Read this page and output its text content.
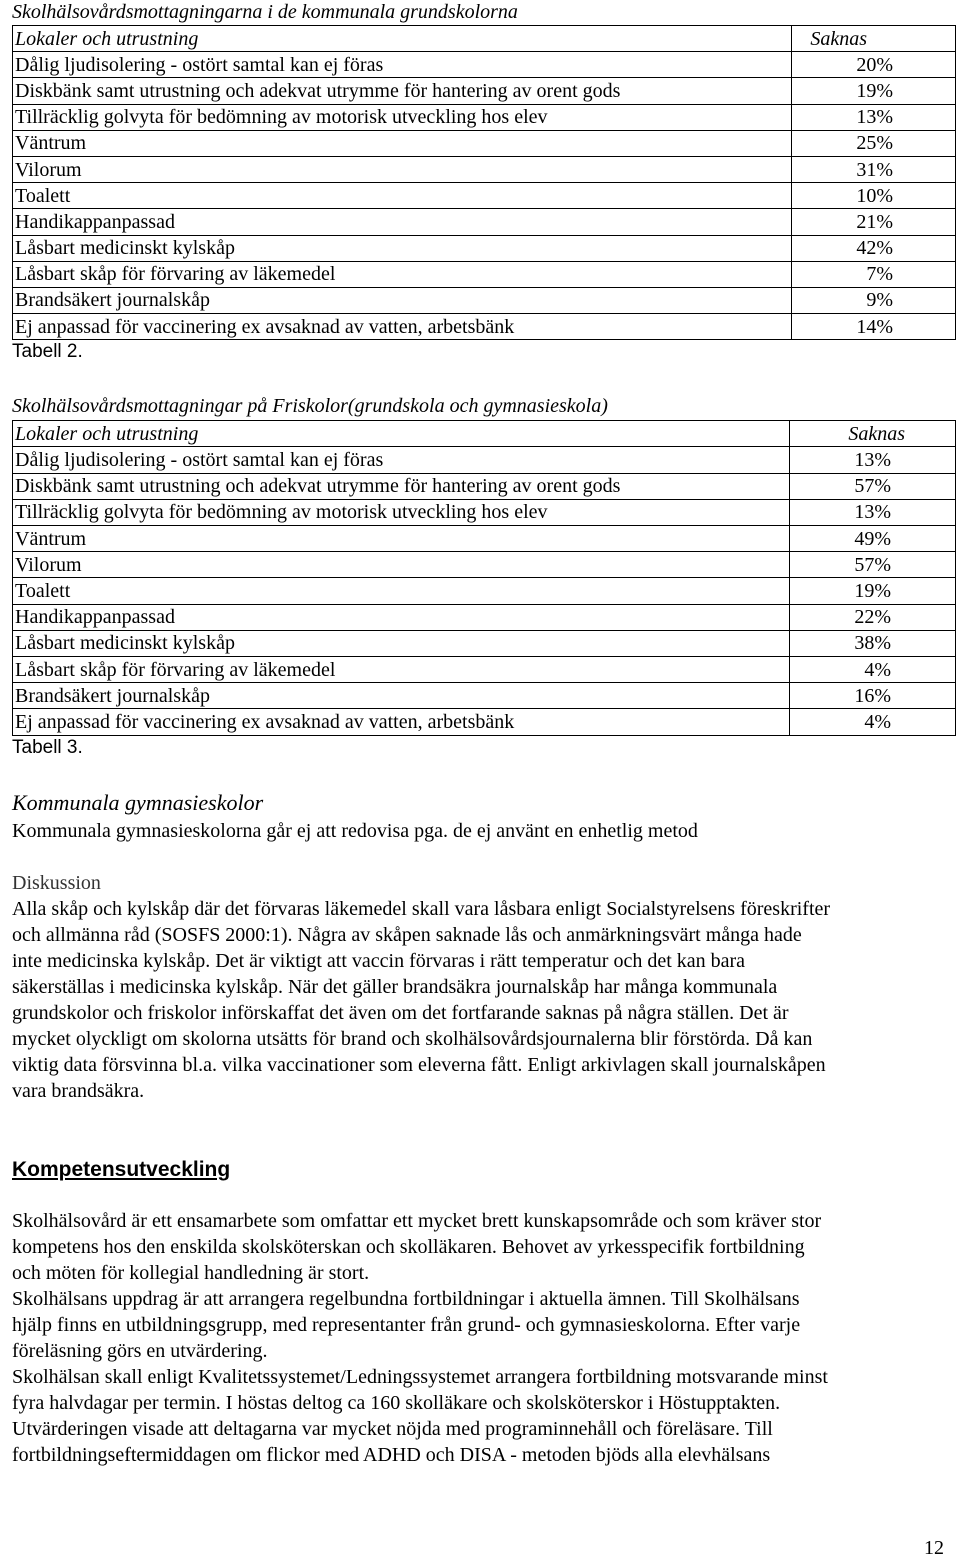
Skolhälsovårdsmottagningarna i de kommunala grundskolorna

Lokaler och utrustning	Saknas
Dålig ljudisolering - ostört samtal kan ej föras	20%
Diskbänk samt utrustning och adekvat utrymme för hantering av orent gods	19%
Tillräcklig golvyta för bedömning av motorisk utveckling hos elev	13%
Väntrum	25%
Vilorum	31%
Toalett	10%
Handikappanpassad	21%
Låsbart medicinskt kylskåp	42%
Låsbart skåp för förvaring av läkemedel	7%
Brandsäkert journalskåp	9%
Ej anpassad för vaccinering ex avsaknad av vatten, arbetsbänk	14%

Tabell 2.

Skolhälsovårdsmottagningar på Friskolor(grundskola och gymnasieskola)

Lokaler och utrustning	Saknas
Dålig ljudisolering - ostört samtal kan ej föras	13%
Diskbänk samt utrustning och adekvat utrymme för hantering av orent gods	57%
Tillräcklig golvyta för bedömning av motorisk utveckling hos elev	13%
Väntrum	49%
Vilorum	57%
Toalett	19%
Handikappanpassad	22%
Låsbart medicinskt kylskåp	38%
Låsbart skåp för förvaring av läkemedel	4%
Brandsäkert journalskåp	16%
Ej anpassad för vaccinering ex avsaknad av vatten, arbetsbänk	4%

Tabell 3.

Kommunala gymnasieskolor

Kommunala gymnasieskolorna går ej att redovisa pga. de ej använt en enhetlig metod

Diskussion

Alla skåp och kylskåp där det förvaras läkemedel skall vara låsbara enligt Socialstyrelsens föreskrifter

och allmänna råd (SOSFS 2000:1). Några av skåpen saknade lås och anmärkningsvärt många hade

inte medicinska kylskåp. Det är viktigt att vaccin förvaras i rätt temperatur och det kan bara

säkerställas i medicinska kylskåp. När det gäller brandsäkra journalskåp har många kommunala

grundskolor och friskolor införskaffat det även om det fortfarande saknas på några ställen. Det är

mycket olyckligt om skolorna utsätts för brand och skolhälsovårdsjournalerna blir förstörda. Då kan

viktig data försvinna bl.a. vilka vaccinationer som eleverna fått. Enligt arkivlagen skall journalskåpen

vara brandsäkra.

Kompetensutveckling

Skolhälsovård är ett ensamarbete som omfattar ett mycket brett kunskapsområde och som kräver stor

kompetens hos den enskilda skolsköterskan och skolläkaren. Behovet av yrkesspecifik fortbildning

och möten för kollegial handledning är stort.

Skolhälsans uppdrag är att arrangera regelbundna fortbildningar i aktuella ämnen. Till Skolhälsans

hjälp finns en utbildningsgrupp, med representanter från grund- och gymnasieskolorna. Efter varje

föreläsning görs en utvärdering.

Skolhälsan skall enligt Kvalitetssystemet/Ledningssystemet arrangera fortbildning motsvarande minst

fyra halvdagar per termin. I höstas deltog ca 160 skolläkare och skolsköterskor i Höstupptakten.

Utvärderingen visade att deltagarna var mycket nöjda med programinnehåll och föreläsare. Till

fortbildningseftermiddagen om flickor med ADHD och DISA - metoden bjöds alla elevhälsans

12
